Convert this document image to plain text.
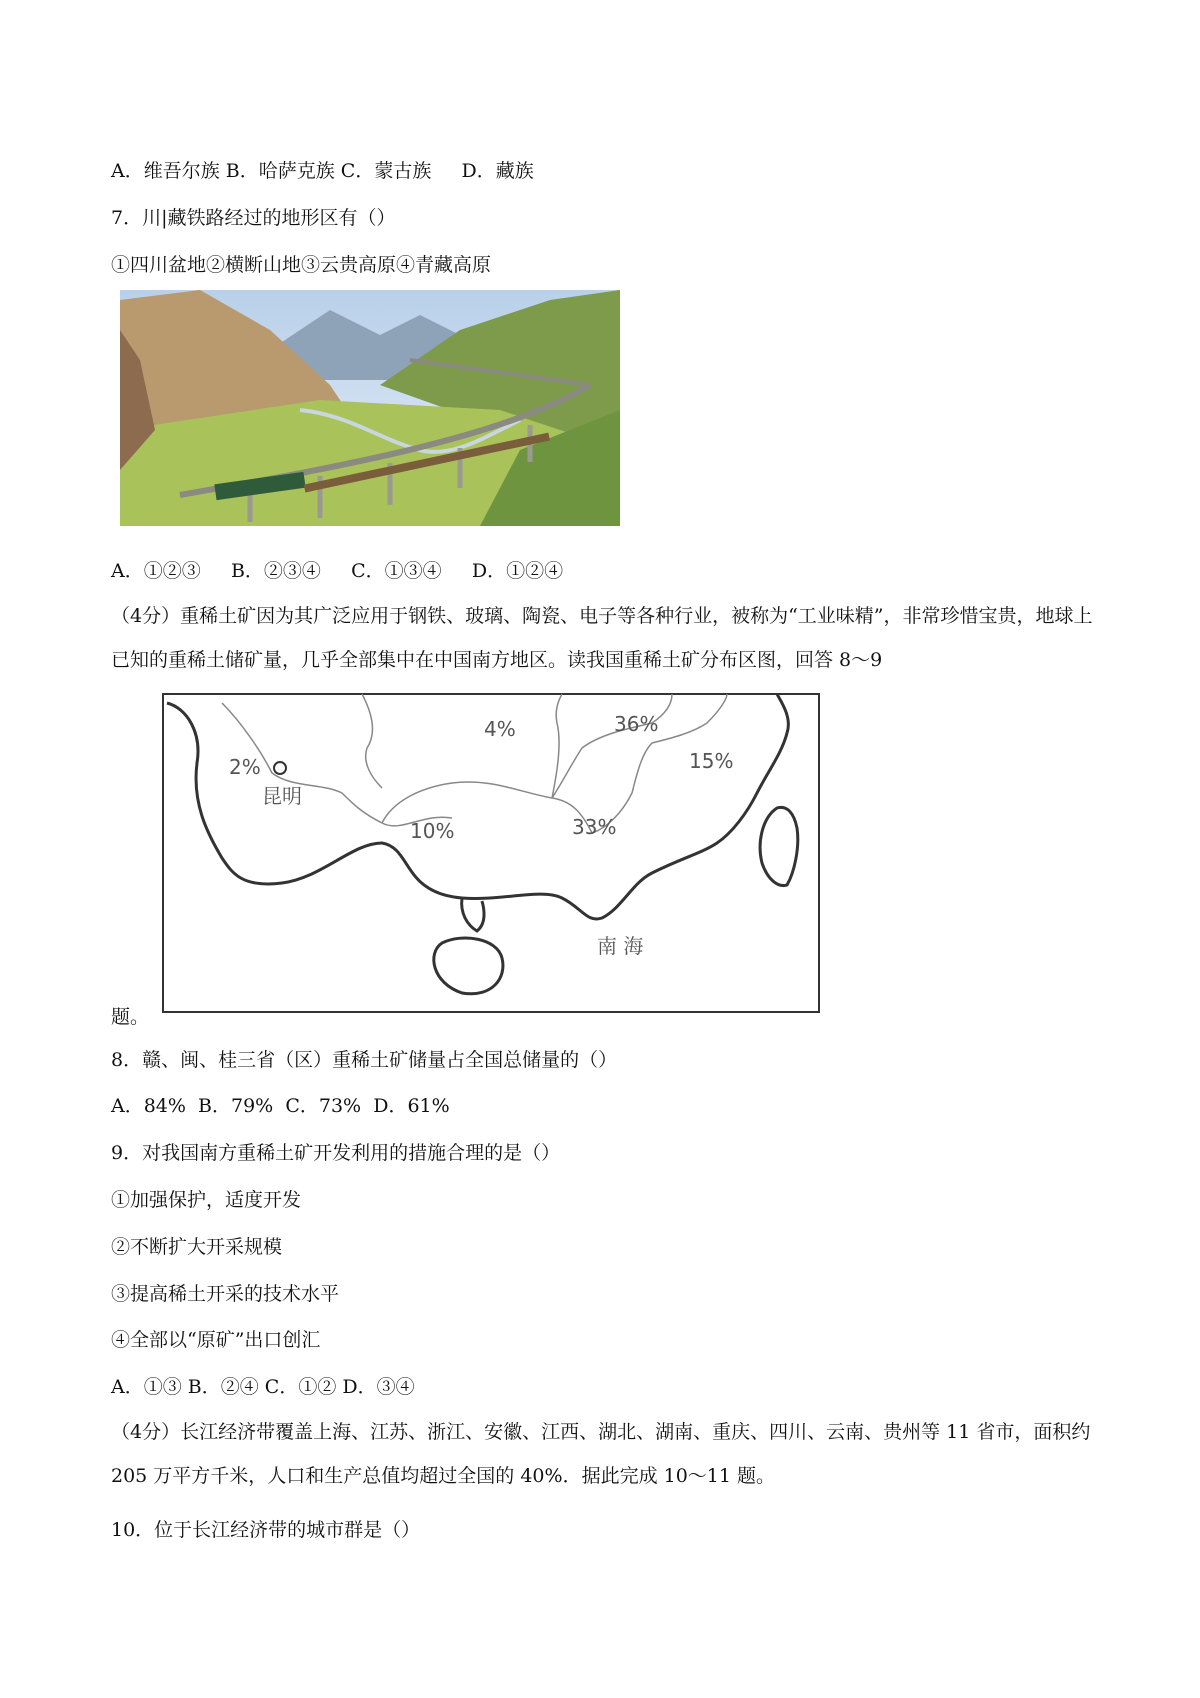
A．维吾尔族 B．哈萨克族 C．蒙古族 D．藏族
7．川|藏铁路经过的地形区有（）
①四川盆地②横断山地③云贵高原④青藏高原
A．①②③ B．②③④ C．①③④ D．①②④
（4分）重稀土矿因为其广泛应用于钢铁、玻璃、陶瓷、电子等各种行业，被称为“工业味精”，非常珍惜宝贵，地球上已知的重稀土储矿量，几乎全部集中在中国南方地区。读我国重稀土矿分布区图，回答 8～9
2%
昆明
4%	36%
15%
10%	33%
南 海
题。
8．赣、闽、桂三省（区）重稀土矿储量占全国总储量的（）
A．84% B．79% C．73% D．61%
9．对我国南方重稀土矿开发利用的措施合理的是（）
①加强保护，适度开发
②不断扩大开采规模
③提高稀土开采的技术水平
④全部以“原矿”出口创汇
A．①③ B．②④ C．①② D．③④
（4分）长江经济带覆盖上海、江苏、浙江、安徽、江西、湖北、湖南、重庆、四川、云南、贵州等 11 省市，面积约 205 万平方千米，人口和生产总值均超过全国的 40%．据此完成 10～11 题。
10．位于长江经济带的城市群是（）
